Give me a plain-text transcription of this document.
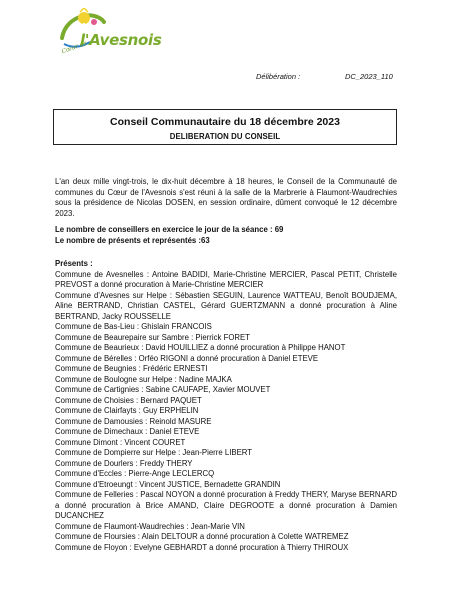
Cœur de
l'Avesnois
Délibération :	DC_2023_110
Conseil Communautaire du 18 décembre 2023
DELIBERATION DU CONSEIL

L'an deux mille vingt-trois, le dix-huit décembre à 18 heures, le Conseil de la Communauté de communes du Cœur de l'Avesnois s'est réuni à la salle de la Marbrerie à Flaumont-Waudrechies sous la présidence de Nicolas DOSEN, en session ordinaire, dûment convoqué le 12 décembre 2023.

Le nombre de conseillers en exercice le jour de la séance : 69

Le nombre de présents et représentés :63

Présents :

Commune de Avesnelles : Antoine BADIDI, Marie-Christine MERCIER, Pascal PETIT, Christelle PREVOST a donné procuration à Marie-Christine MERCIER
Commune d'Avesnes sur Helpe : Sébastien SEGUIN, Laurence WATTEAU, Benoît BOUDJEMA, Aline BERTRAND, Christian CASTEL, Gérard GUERTZMANN a donné procuration à Aline BERTRAND, Jacky ROUSSELLE
Commune de Bas-Lieu : Ghislain FRANCOIS
Commune de Beaurepaire sur Sambre : Pierrick FORET
Commune de Beaurieux : David HOUILLIEZ a donné procuration à Philippe HANOT
Commune de Bérelles : Orféo RIGONI a donné procuration à Daniel ETEVE
Commune de Beugnies : Frédéric ERNESTI
Commune de Boulogne sur Helpe : Nadine MAJKA
Commune de Cartignies : Sabine CAUFAPE, Xavier MOUVET
Commune de Choisies : Bernard PAQUET
Commune de Clairfayts : Guy ERPHELIN
Commune de Damousies : Reinold MASURE
Commune de Dimechaux : Daniel ETEVE
Commune Dimont : Vincent COURET
Commune de Dompierre sur Helpe : Jean-Pierre LIBERT
Commune de Dourlers : Freddy THERY
Commune d'Eccles : Pierre-Ange LECLERCQ
Commune d'Etroeungt : Vincent JUSTICE, Bernadette GRANDIN
Commune de Felleries : Pascal NOYON a donné procuration à Freddy THERY, Maryse BERNARD a donné procuration à Brice AMAND, Claire DEGROOTE a donné procuration à Damien DUCANCHEZ
Commune de Flaumont-Waudrechies : Jean-Marie VIN
Commune de Floursies : Alain DELTOUR a donné procuration à Colette WATREMEZ
Commune de Floyon : Evelyne GEBHARDT a donné procuration à Thierry THIROUX
